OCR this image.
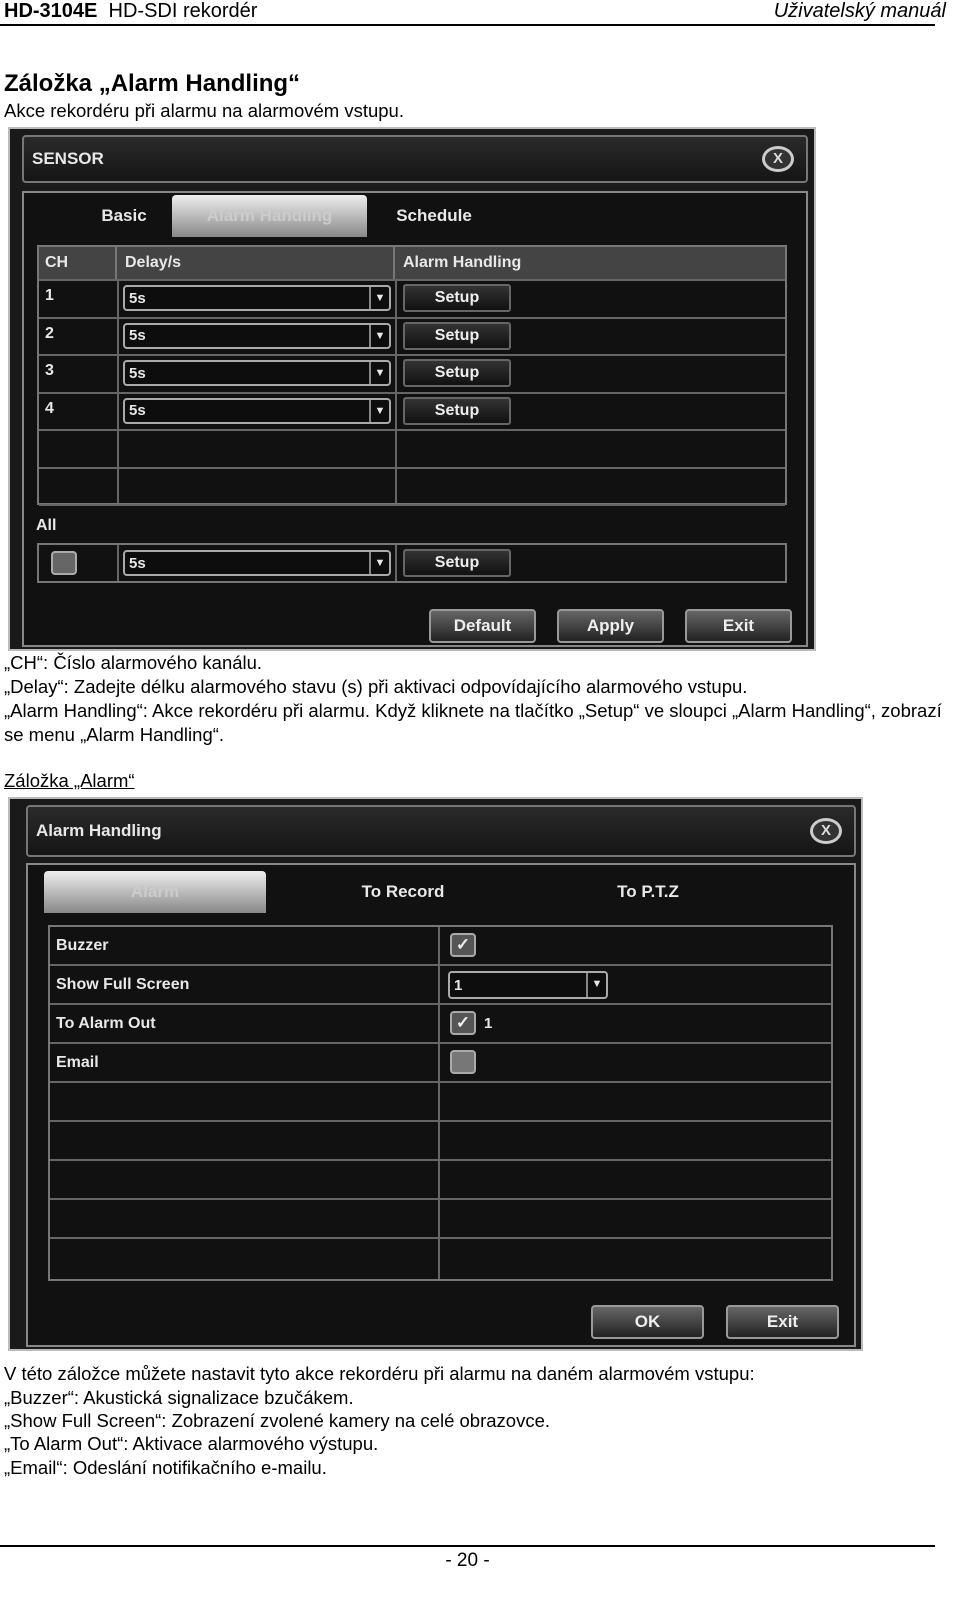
HD-3104E HD-SDI rekordér	Uživatelský manuál
Záložka „Alarm Handling“
Akce rekordéru při alarmu na alarmovém vstupu.
SENSOR	X
Basic	Alarm Handling	Schedule
CH	Delay/s	Alarm Handling
1	5s	▼	Setup
2	5s	▼	Setup
3	5s	▼	Setup
4	5s	▼	Setup
All
5s	▼	Setup
Default	Apply	Exit
„CH“: Číslo alarmového kanálu.
„Delay“: Zadejte délku alarmového stavu (s) při aktivaci odpovídajícího alarmového vstupu.
„Alarm Handling“: Akce rekordéru při alarmu. Když kliknete na tlačítko „Setup“ ve sloupci „Alarm Handling“, zobrazí se menu „Alarm Handling“.
Záložka „Alarm“
Alarm Handling	X
Alarm	To Record	To P.T.Z
Buzzer	✓
Show Full Screen	1	▼
To Alarm Out	✓ 1
Email
OK	Exit
V této záložce můžete nastavit tyto akce rekordéru při alarmu na daném alarmovém vstupu:
„Buzzer“: Akustická signalizace bzučákem.
„Show Full Screen“: Zobrazení zvolené kamery na celé obrazovce.
„To Alarm Out“: Aktivace alarmového výstupu.
„Email“: Odeslání notifikačního e-mailu.
- 20 -
